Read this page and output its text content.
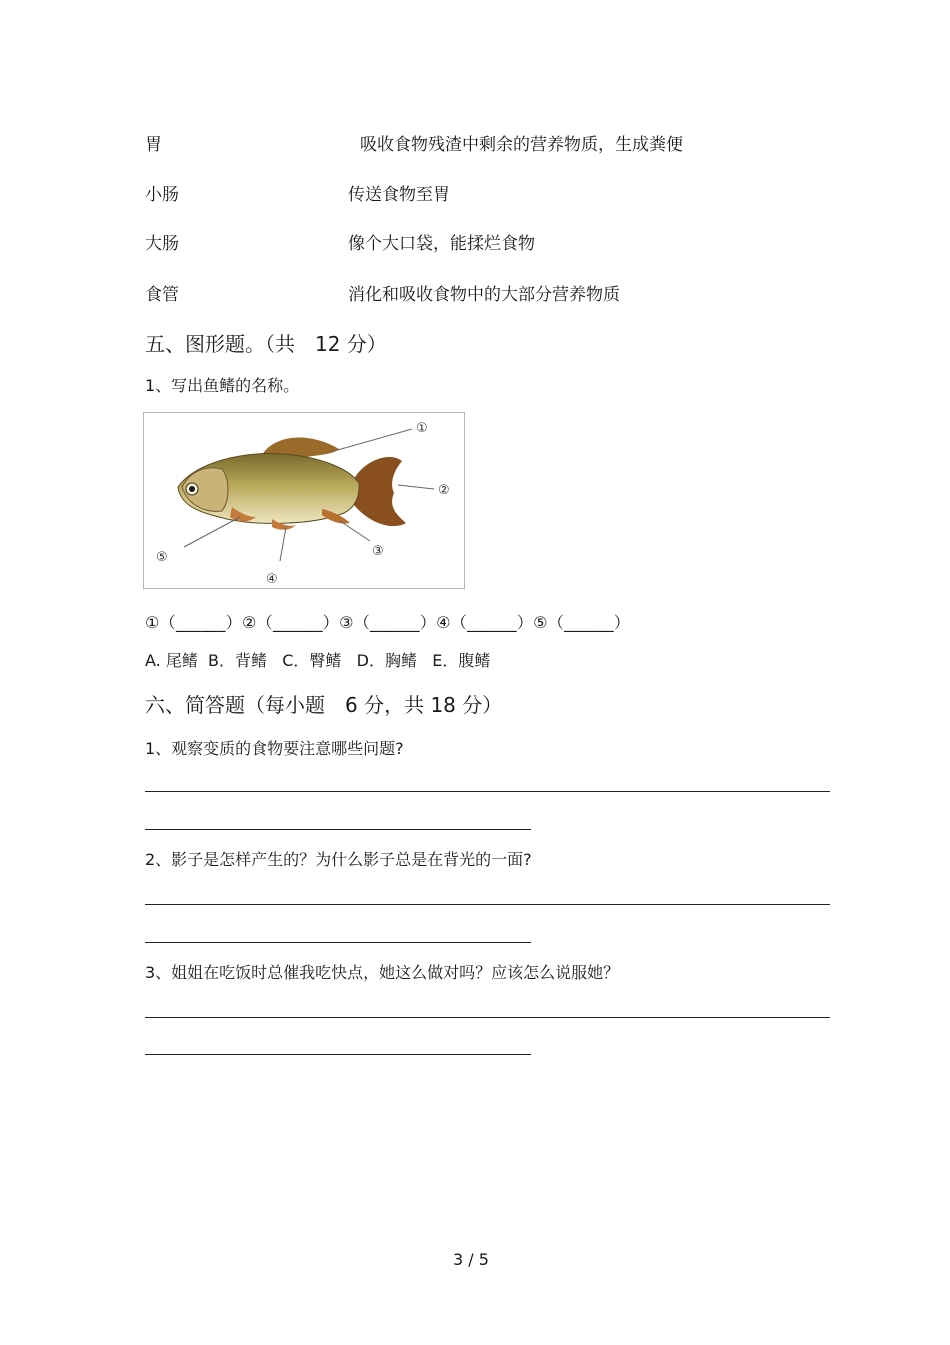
胃	吸收食物残渣中剩余的营养物质，生成粪便
小肠	传送食物至胃
大肠	像个大口袋，能揉烂食物
食管	消化和吸收食物中的大部分营养物质
五、图形题。（共　12 分）
1、写出鱼鳍的名称。
①
②
③
④
⑤
①（______）②（______）③（______）④（______）⑤（______）
A. 尾鳍  B．背鳍   C．臀鳍   D．胸鳍   E．腹鳍
六、简答题（每小题　6 分，共 18 分）
1、观察变质的食物要注意哪些问题?
2、影子是怎样产生的？为什么影子总是在背光的一面?
3、姐姐在吃饭时总催我吃快点，她这么做对吗？应该怎么说服她？
3 / 5
